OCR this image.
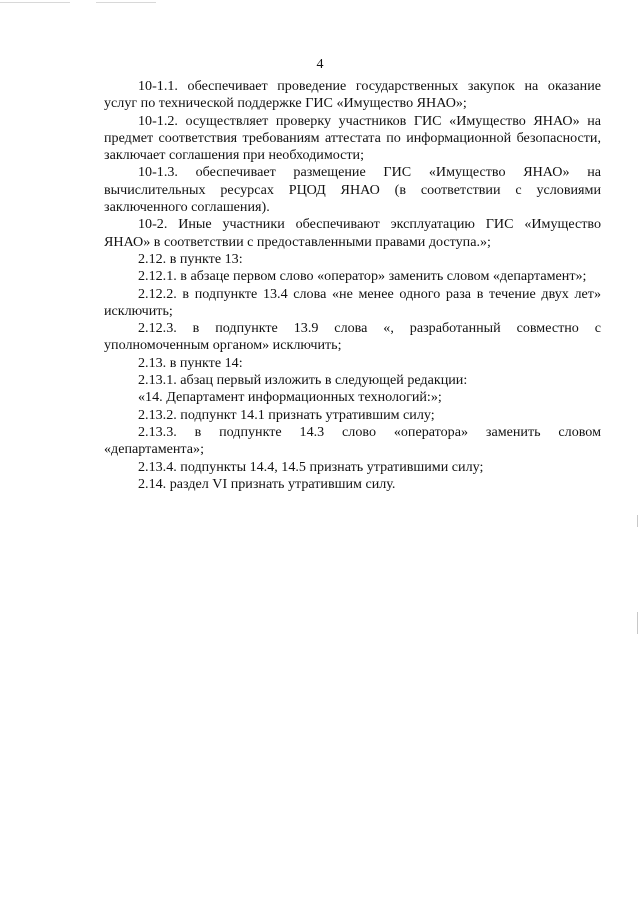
4

10-1.1. обеспечивает проведение государственных закупок на оказание услуг по технической поддержке ГИС «Имущество ЯНАО»;

10-1.2. осуществляет проверку участников ГИС «Имущество ЯНАО» на предмет соответствия требованиям аттестата по информационной безопасности, заключает соглашения при необходимости;

10-1.3. обеспечивает размещение ГИС «Имущество ЯНАО» на вычислительных ресурсах РЦОД ЯНАО (в соответствии с условиями заключенного соглашения).

10-2. Иные участники обеспечивают эксплуатацию ГИС «Имущество ЯНАО» в соответствии с предоставленными правами доступа.»;

2.12. в пункте 13:

2.12.1. в абзаце первом слово «оператор» заменить словом «департамент»;

2.12.2. в подпункте 13.4 слова «не менее одного раза в течение двух лет» исключить;

2.12.3. в подпункте 13.9 слова «, разработанный совместно с уполномоченным органом» исключить;

2.13. в пункте 14:

2.13.1. абзац первый изложить в следующей редакции:

«14. Департамент информационных технологий:»;

2.13.2. подпункт 14.1 признать утратившим силу;

2.13.3. в подпункте 14.3 слово «оператора» заменить словом «департамента»;

2.13.4. подпункты 14.4, 14.5 признать утратившими силу;

2.14. раздел VI признать утратившим силу.
